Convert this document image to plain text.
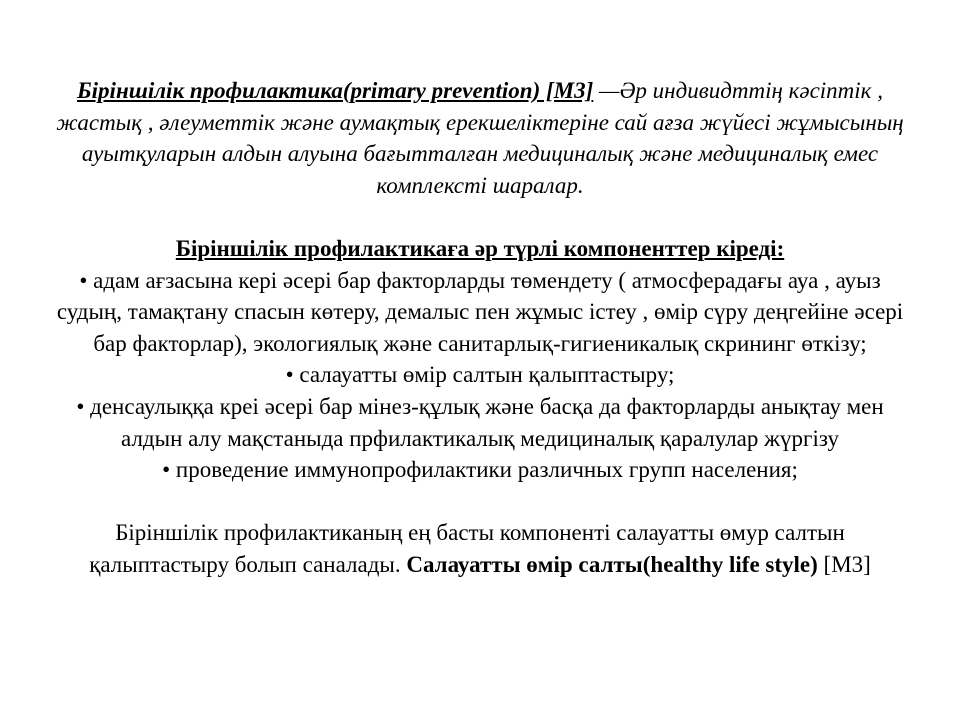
Біріншілік профилактика(primary prevention) [М3] —Әр индивидттің кәсіптік , жастық , әлеуметтік және аумақтық ерекшеліктеріне сай ағза жүйесі жұмысының ауытқуларын алдын алуына бағытталған медициналық және медициналық емес комплексті шаралар.

Біріншілік профилактикаға әр түрлі компоненттер кіреді:

• адам ағзасына кері әсері бар факторларды төмендету ( атмосферадағы ауа , ауыз судың, тамақтану спасын көтеру, демалыс пен жұмыс істеу , өмір сүру деңгейіне әсері бар факторлар), экологиялық және санитарлық-гигиеникалық скрининг өткізу;

• салауатты өмір салтын қалыптастыру;

• денсаулыққа креі әсері бар мінез-құлық және басқа да факторларды анықтау мен алдын алу мақстаныда прфилактикалық медициналық қаралулар жүргізу

• проведение иммунопрофилактики различных групп населения;

Біріншілік профилактиканың ең басты компоненті салауатты өмур салтын қалыптастыру болып саналады. Салауатты өмір салты(healthy life style) [М3]
